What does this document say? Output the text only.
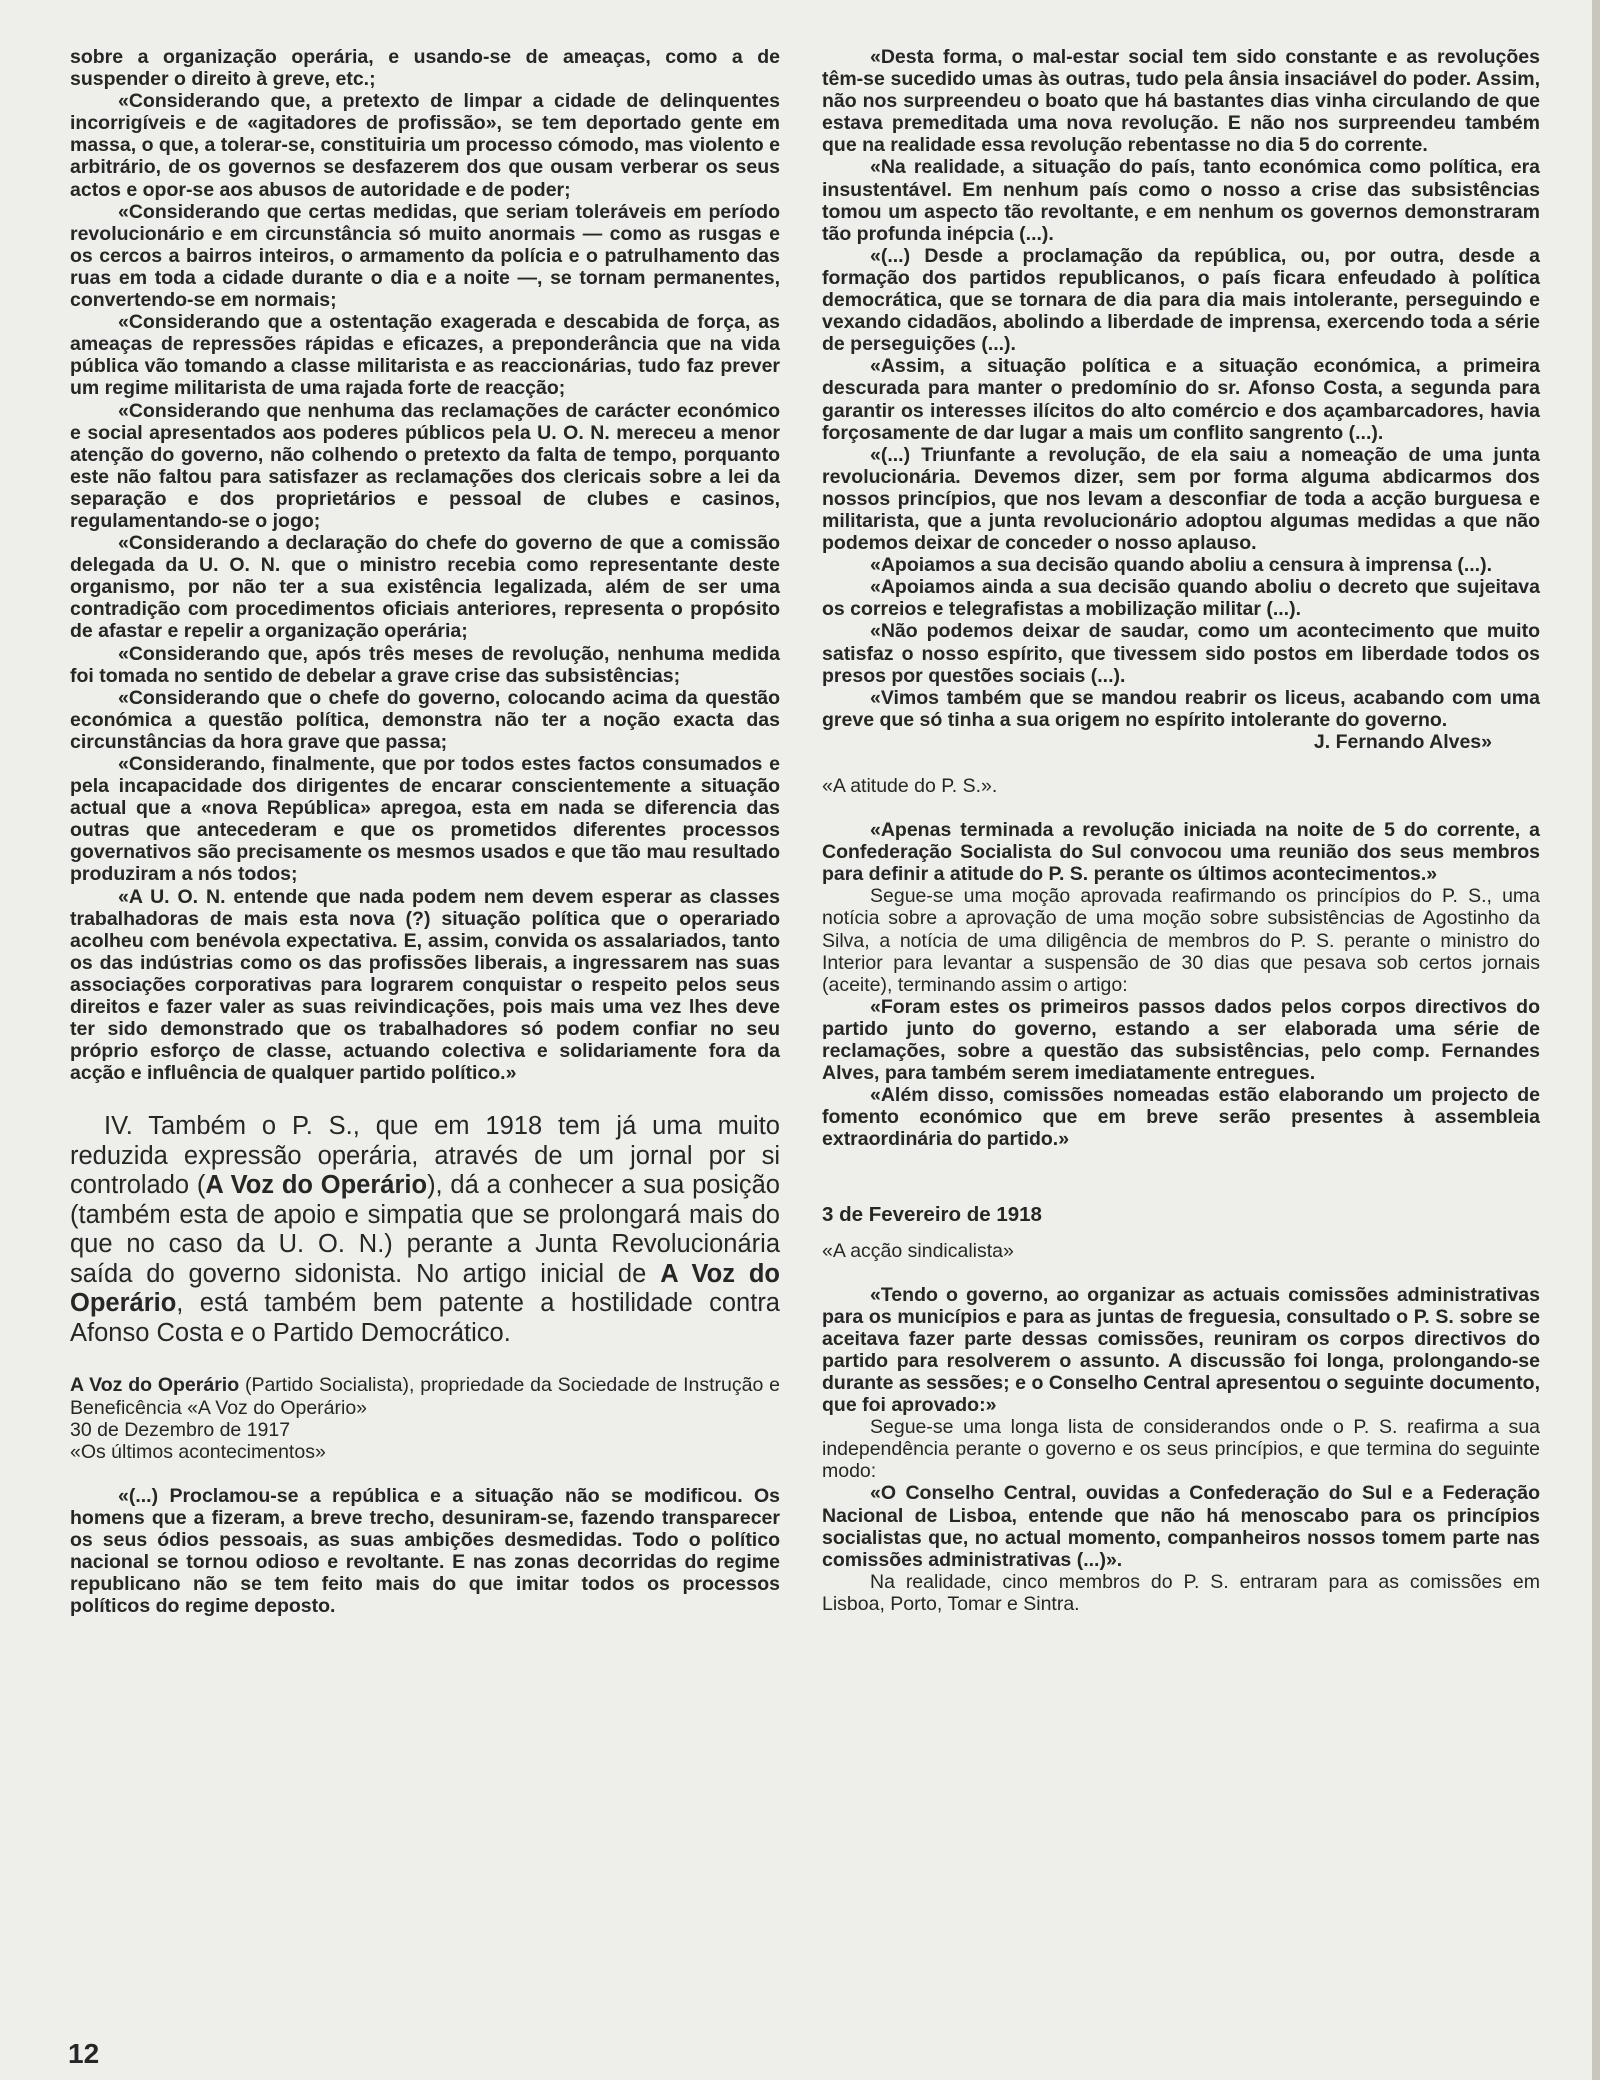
sobre a organização operária, e usando-se de ameaças, como a de suspender o direito à greve, etc.;

«Considerando que, a pretexto de limpar a cidade de delinquentes incorrigíveis e de «agitadores de profissão», se tem deportado gente em massa, o que, a tolerar-se, constituiria um processo cómodo, mas violento e arbitrário, de os governos se desfazerem dos que ousam verberar os seus actos e opor-se aos abusos de autoridade e de poder;

«Considerando que certas medidas, que seriam toleráveis em período revolucionário e em circunstância só muito anormais — como as rusgas e os cercos a bairros inteiros, o armamento da polícia e o patrulhamento das ruas em toda a cidade durante o dia e a noite —, se tornam permanentes, convertendo-se em normais;

«Considerando que a ostentação exagerada e descabida de força, as ameaças de repressões rápidas e eficazes, a preponderância que na vida pública vão tomando a classe militarista e as reaccionárias, tudo faz prever um regime militarista de uma rajada forte de reacção;

«Considerando que nenhuma das reclamações de carácter económico e social apresentados aos poderes públicos pela U. O. N. mereceu a menor atenção do governo, não colhendo o pretexto da falta de tempo, porquanto este não faltou para satisfazer as reclamações dos clericais sobre a lei da separação e dos proprietários e pessoal de clubes e casinos, regulamentando-se o jogo;

«Considerando a declaração do chefe do governo de que a comissão delegada da U. O. N. que o ministro recebia como representante deste organismo, por não ter a sua existência legalizada, além de ser uma contradição com procedimentos oficiais anteriores, representa o propósito de afastar e repelir a organização operária;

«Considerando que, após três meses de revolução, nenhuma medida foi tomada no sentido de debelar a grave crise das subsistências;

«Considerando que o chefe do governo, colocando acima da questão económica a questão política, demonstra não ter a noção exacta das circunstâncias da hora grave que passa;

«Considerando, finalmente, que por todos estes factos consumados e pela incapacidade dos dirigentes de encarar conscientemente a situação actual que a «nova República» apregoa, esta em nada se diferencia das outras que antecederam e que os prometidos diferentes processos governativos são precisamente os mesmos usados e que tão mau resultado produziram a nós todos;

«A U. O. N. entende que nada podem nem devem esperar as classes trabalhadoras de mais esta nova (?) situação política que o operariado acolheu com benévola expectativa. E, assim, convida os assalariados, tanto os das indústrias como os das profissões liberais, a ingressarem nas suas associações corporativas para lograrem conquistar o respeito pelos seus direitos e fazer valer as suas reivindicações, pois mais uma vez lhes deve ter sido demonstrado que os trabalhadores só podem confiar no seu próprio esforço de classe, actuando colectiva e solidariamente fora da acção e influência de qualquer partido político.»

IV. Também o P. S., que em 1918 tem já uma muito reduzida expressão operária, através de um jornal por si controlado (A Voz do Operário), dá a conhecer a sua posição (também esta de apoio e simpatia que se prolongará mais do que no caso da U. O. N.) perante a Junta Revolucionária saída do governo sidonista. No artigo inicial de A Voz do Operário, está também bem patente a hostilidade contra Afonso Costa e o Partido Democrático.

A Voz do Operário (Partido Socialista), propriedade da Sociedade de Instrução e Beneficência «A Voz do Operário»

30 de Dezembro de 1917

«Os últimos acontecimentos»

«(...) Proclamou-se a república e a situação não se modificou. Os homens que a fizeram, a breve trecho, desuniram-se, fazendo transparecer os seus ódios pessoais, as suas ambições desmedidas. Todo o político nacional se tornou odioso e revoltante. E nas zonas decorridas do regime republicano não se tem feito mais do que imitar todos os processos políticos do regime deposto.

«Desta forma, o mal-estar social tem sido constante e as revoluções têm-se sucedido umas às outras, tudo pela ânsia insaciável do poder. Assim, não nos surpreendeu o boato que há bastantes dias vinha circulando de que estava premeditada uma nova revolução. E não nos surpreendeu também que na realidade essa revolução rebentasse no dia 5 do corrente.

«Na realidade, a situação do país, tanto económica como política, era insustentável. Em nenhum país como o nosso a crise das subsistências tomou um aspecto tão revoltante, e em nenhum os governos demonstraram tão profunda inépcia (...).

«(...) Desde a proclamação da república, ou, por outra, desde a formação dos partidos republicanos, o país ficara enfeudado à política democrática, que se tornara de dia para dia mais intolerante, perseguindo e vexando cidadãos, abolindo a liberdade de imprensa, exercendo toda a série de perseguições (...).

«Assim, a situação política e a situação económica, a primeira descurada para manter o predomínio do sr. Afonso Costa, a segunda para garantir os interesses ilícitos do alto comércio e dos açambarcadores, havia forçosamente de dar lugar a mais um conflito sangrento (...).

«(...) Triunfante a revolução, de ela saiu a nomeação de uma junta revolucionária. Devemos dizer, sem por forma alguma abdicarmos dos nossos princípios, que nos levam a desconfiar de toda a acção burguesa e militarista, que a junta revolucionário adoptou algumas medidas a que não podemos deixar de conceder o nosso aplauso.

«Apoiamos a sua decisão quando aboliu a censura à imprensa (...).

«Apoiamos ainda a sua decisão quando aboliu o decreto que sujeitava os correios e telegrafistas a mobilização militar (...).

«Não podemos deixar de saudar, como um acontecimento que muito satisfaz o nosso espírito, que tivessem sido postos em liberdade todos os presos por questões sociais (...).

«Vimos também que se mandou reabrir os liceus, acabando com uma greve que só tinha a sua origem no espírito intolerante do governo.

J. Fernando Alves»

«A atitude do P. S.».

«Apenas terminada a revolução iniciada na noite de 5 do corrente, a Confederação Socialista do Sul convocou uma reunião dos seus membros para definir a atitude do P. S. perante os últimos acontecimentos.»

Segue-se uma moção aprovada reafirmando os princípios do P. S., uma notícia sobre a aprovação de uma moção sobre subsistências de Agostinho da Silva, a notícia de uma diligência de membros do P. S. perante o ministro do Interior para levantar a suspensão de 30 dias que pesava sob certos jornais (aceite), terminando assim o artigo:

«Foram estes os primeiros passos dados pelos corpos directivos do partido junto do governo, estando a ser elaborada uma série de reclamações, sobre a questão das subsistências, pelo comp. Fernandes Alves, para também serem imediatamente entregues.

«Além disso, comissões nomeadas estão elaborando um projecto de fomento económico que em breve serão presentes à assembleia extraordinária do partido.»

3 de Fevereiro de 1918

«A acção sindicalista»

«Tendo o governo, ao organizar as actuais comissões administrativas para os municípios e para as juntas de freguesia, consultado o P. S. sobre se aceitava fazer parte dessas comissões, reuniram os corpos directivos do partido para resolverem o assunto. A discussão foi longa, prolongando-se durante as sessões; e o Conselho Central apresentou o seguinte documento, que foi aprovado:»

Segue-se uma longa lista de considerandos onde o P. S. reafirma a sua independência perante o governo e os seus princípios, e que termina do seguinte modo:

«O Conselho Central, ouvidas a Confederação do Sul e a Federação Nacional de Lisboa, entende que não há menoscabo para os princípios socialistas que, no actual momento, companheiros nossos tomem parte nas comissões administrativas (...)».

Na realidade, cinco membros do P. S. entraram para as comissões em Lisboa, Porto, Tomar e Sintra.

12
